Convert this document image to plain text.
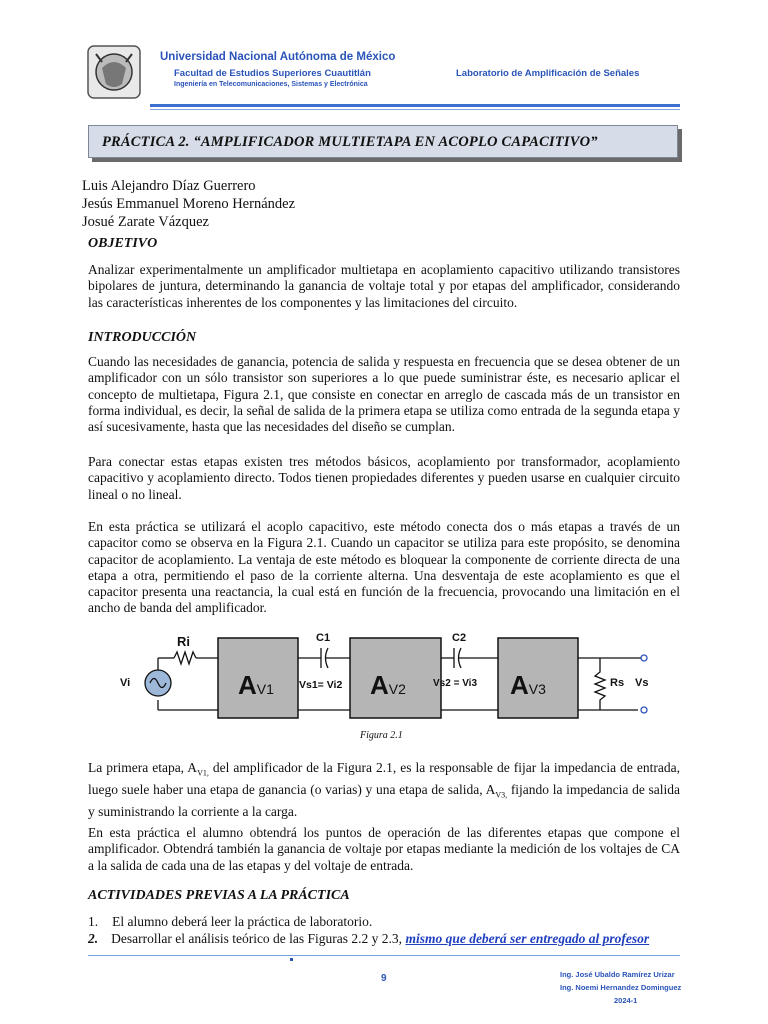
Universidad Nacional Autónoma de México
Facultad de Estudios Superiores Cuautitlán
Ingeniería en Telecomunicaciones, Sistemas y Electrónica
Laboratorio de Amplificación de Señales
PRÁCTICA 2. “AMPLIFICADOR MULTIETAPA EN ACOPLO CAPACITIVO”
Luis Alejandro Díaz Guerrero
Jesús Emmanuel Moreno Hernández
Josué Zarate Vázquez
OBJETIVO
Analizar experimentalmente un amplificador multietapa en acoplamiento capacitivo utilizando transistores bipolares de juntura, determinando la ganancia de voltaje total y por etapas del amplificador, considerando las características inherentes de los componentes y las limitaciones del circuito.
INTRODUCCIÓN
Cuando las necesidades de ganancia, potencia de salida y respuesta en frecuencia que se desea obtener de un amplificador con un sólo transistor son superiores a lo que puede suministrar éste, es necesario aplicar el concepto de multietapa, Figura 2.1, que consiste en conectar en arreglo de cascada más de un transistor en forma individual, es decir, la señal de salida de la primera etapa se utiliza como entrada de la segunda etapa y así sucesivamente, hasta que las necesidades del diseño se cumplan.
Para conectar estas etapas existen tres métodos básicos, acoplamiento por transformador, acoplamiento capacitivo y acoplamiento directo. Todos tienen propiedades diferentes y pueden usarse en cualquier circuito lineal o no lineal.
En esta práctica se utilizará el acoplo capacitivo, este método conecta dos o más etapas a través de un capacitor como se observa en la Figura 2.1. Cuando un capacitor se utiliza para este propósito, se denomina capacitor de acoplamiento. La ventaja de este método es bloquear la componente de corriente directa de una etapa a otra, permitiendo el paso de la corriente alterna. Una desventaja de este acoplamiento es que el capacitor presenta una reactancia, la cual está en función de la frecuencia, provocando una limitación en el ancho de banda del amplificador.
AV1	AV2	AV3
Vi
Ri	C1	C2
Vs1= Vi2	Vs2 = Vi3	Rs Vs
Figura 2.1
La primera etapa, $A_{V1,}$ del amplificador de la Figura 2.1, es la responsable de fijar la impedancia de entrada, luego suele haber una etapa de ganancia (o varias) y una etapa de salida, $A_{V3,}$ fijando la impedancia de salida y suministrando la corriente a la carga.
En esta práctica el alumno obtendrá los puntos de operación de las diferentes etapas que compone el amplificador. Obtendrá también la ganancia de voltaje por etapas mediante la medición de los voltajes de CA a la salida de cada una de las etapas y del voltaje de entrada.
ACTIVIDADES PREVIAS A LA PRÁCTICA
1. El alumno deberá leer la práctica de laboratorio.
2. Desarrollar el análisis teórico de las Figuras 2.2 y 2.3, mismo que deberá ser entregado al profesor
9	Ing. José Ubaldo Ramírez Urizar
Ing. Noemi Hernandez Dominguez
2024-1
